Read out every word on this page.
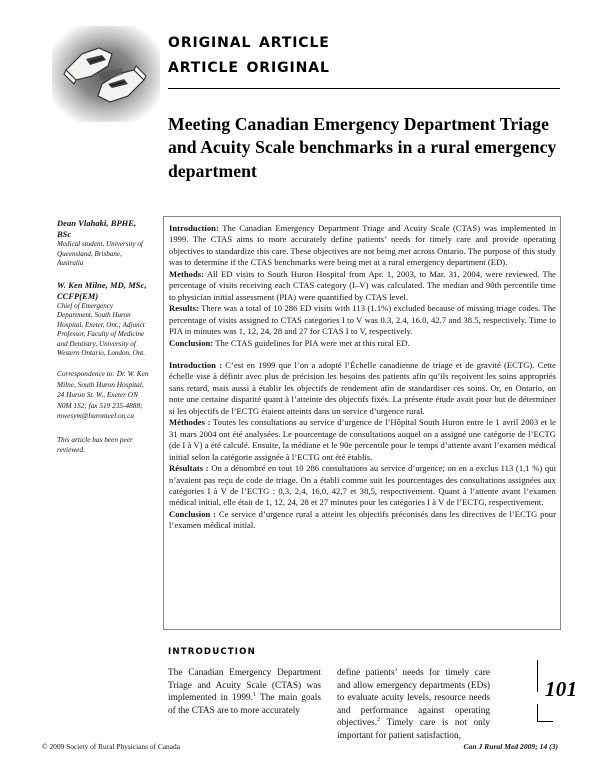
original article
article original
Meeting Canadian Emergency Department Triage and Acuity Scale benchmarks in a rural emergency department
Dean Vlahaki, BPHE, BSc
Medical student, University of Queensland, Brisbane, Australia
W. Ken Milne, MD, MSc, CCFP(EM)
Chief of Emergency Department, South Huron Hospital, Exeter, Ont.; Adjunct Professor, Faculty of Medicine and Dentistry, University of Western Ontario, London, Ont.
Correspondence to: Dr. W. Ken Milne, South Huron Hospital, 24 Huron St. W., Exeter ON N0M 1S2; fax 519 235-4888; mwesym@huronteel.on.ca
This article has been peer reviewed.

Introduction: The Canadian Emergency Department Triage and Acuity Scale (CTAS) was implemented in 1999. The CTAS aims to more accurately define patients’ needs for timely care and provide operating objectives to standardize this care. These objectives are not being met across Ontario. The purpose of this study was to determine if the CTAS benchmarks were being met at a rural emergency department (ED).

Methods: All ED visits to South Huron Hospital from Apr. 1, 2003, to Mar. 31, 2004, were reviewed. The percentage of visits receiving each CTAS category (I–V) was calculated. The median and 90th percentile time to physician initial assessment (PIA) were quantified by CTAS level.

Results: There was a total of 10 286 ED visits with 113 (1.1%) excluded because of missing triage codes. The percentage of visits assigned to CTAS categories I to V was 0.3, 2.4, 16.0, 42.7 and 38.5, respectively. Time to PIA in minutes was 1, 12, 24, 28 and 27 for CTAS I to V, respectively.

Conclusion: The CTAS guidelines for PIA were met at this rural ED.

Introduction : C’est en 1999 que l’on a adopté l’Échelle canadienne de triage et de gravité (ECTG). Cette échelle vise à définir avec plus de précision les besoins des patients afin qu’ils reçoivent les soins appropriés sans retard, mais aussi à établir les objectifs de rendement afin de standardiser ces soins. Or, en Ontario, on note une certaine disparité quant à l’atteinte des objectifs fixés. La présente étude avait pour but de déterminer si les objectifs de l’ECTG étaient atteints dans un service d’urgence rural.

Méthodes : Toutes les consultations au service d’urgence de l’Hôpital South Huron entre le 1 avril 2003 et le 31 mars 2004 ont été analysées. Le pourcentage de consultations auquel on a assigné une catégorie de l’ECTG (de I à V) a été calculé. Ensuite, la médiane et le 90e percentile pour le temps d’attente avant l’examen médical initial selon la catégorie assignée à l’ECTG ont été établis.

Résultats : On a dénombré en tout 10 286 consultations au service d’urgence; on en a exclus 113 (1,1 %) qui n’avaient pas reçu de code de triage. On a établi comme suit les pourcentages des consultations assignées aux catégories I à V de l’ECTG : 0,3, 2,4, 16,0, 42,7 et 38,5, respectivement. Quant à l’attente avant l’examen médical initial, elle était de 1, 12, 24, 28 et 27 minutes pour les catégories I à V de l’ECTG, respectivement.

Conclusion : Ce service d’urgence rural a atteint les objectifs préconisés dans les directives de l’ECTG pour l’examen médical initial.

INTRODUCTION
The Canadian Emergency Department Triage and Acuity Scale (CTAS) was implemented in 1999.$^1$ The main goals of the CTAS are to more accurately
define patients’ needs for timely care and allow emergency departments (EDs) to evaluate acuity levels, resource needs and performance against operating objectives.$^2$ Timely care is not only important for patient satisfaction,
101
© 2009 Society of Rural Physicians of Canada	Can J Rural Med 2009; 14 (3)
